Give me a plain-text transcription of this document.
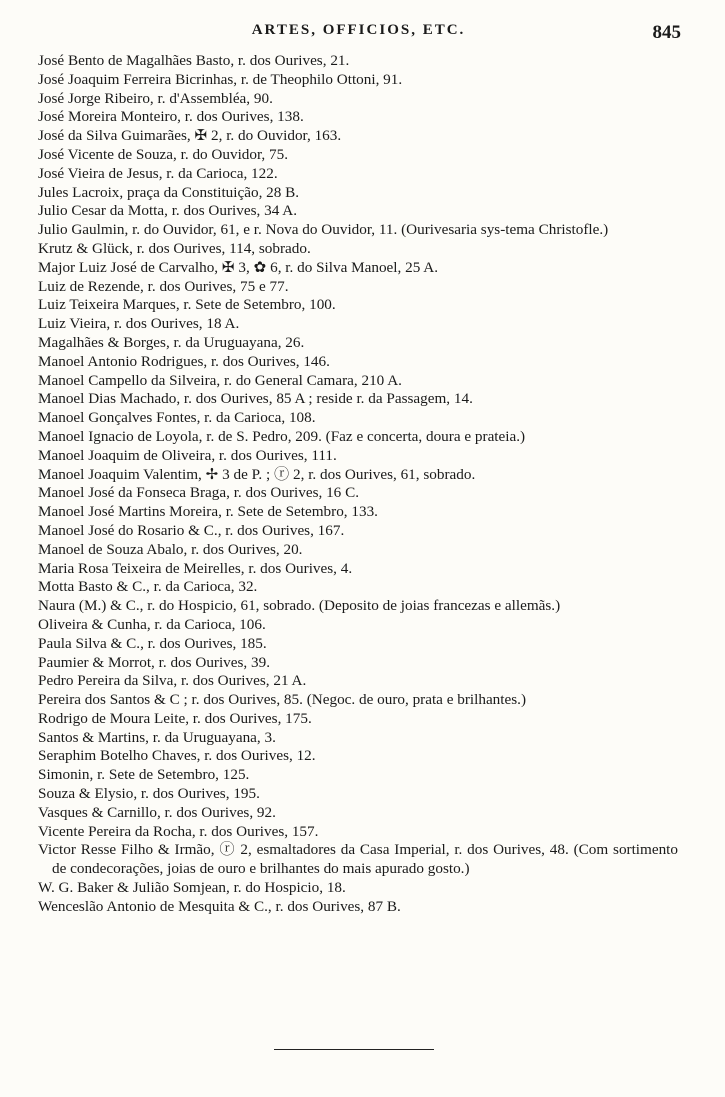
ARTES, OFFICIOS, ETC.	845

José Bento de Magalhães Basto, r. dos Ourives, 21.

José Joaquim Ferreira Bicrinhas, r. de Theophilo Ottoni, 91.

José Jorge Ribeiro, r. d'Assembléa, 90.

José Moreira Monteiro, r. dos Ourives, 138.

José da Silva Guimarães, ✠ 2, r. do Ouvidor, 163.

José Vicente de Souza, r. do Ouvidor, 75.

José Vieira de Jesus, r. da Carioca, 122.

Jules Lacroix, praça da Constituição, 28 B.

Julio Cesar da Motta, r. dos Ourives, 34 A.

Julio Gaulmin, r. do Ouvidor, 61, e r. Nova do Ouvidor, 11. (Ourivesaria sys-tema Christofle.)

Krutz & Glück, r. dos Ourives, 114, sobrado.

Major Luiz José de Carvalho, ✠ 3, ✿ 6, r. do Silva Manoel, 25 A.

Luiz de Rezende, r. dos Ourives, 75 e 77.

Luiz Teixeira Marques, r. Sete de Setembro, 100.

Luiz Vieira, r. dos Ourives, 18 A.

Magalhães & Borges, r. da Uruguayana, 26.

Manoel Antonio Rodrigues, r. dos Ourives, 146.

Manoel Campello da Silveira, r. do General Camara, 210 A.

Manoel Dias Machado, r. dos Ourives, 85 A ; reside r. da Passagem, 14.

Manoel Gonçalves Fontes, r. da Carioca, 108.

Manoel Ignacio de Loyola, r. de S. Pedro, 209. (Faz e concerta, doura e prateia.)

Manoel Joaquim de Oliveira, r. dos Ourives, 111.

Manoel Joaquim Valentim, ✢ 3 de P. ; ⓡ 2, r. dos Ourives, 61, sobrado.

Manoel José da Fonseca Braga, r. dos Ourives, 16 C.

Manoel José Martins Moreira, r. Sete de Setembro, 133.

Manoel José do Rosario & C., r. dos Ourives, 167.

Manoel de Souza Abalo, r. dos Ourives, 20.

Maria Rosa Teixeira de Meirelles, r. dos Ourives, 4.

Motta Basto & C., r. da Carioca, 32.

Naura (M.) & C., r. do Hospicio, 61, sobrado. (Deposito de joias francezas e allemãs.)

Oliveira & Cunha, r. da Carioca, 106.

Paula Silva & C., r. dos Ourives, 185.

Paumier & Morrot, r. dos Ourives, 39.

Pedro Pereira da Silva, r. dos Ourives, 21 A.

Pereira dos Santos & C ; r. dos Ourives, 85. (Negoc. de ouro, prata e brilhantes.)

Rodrigo de Moura Leite, r. dos Ourives, 175.

Santos & Martins, r. da Uruguayana, 3.

Seraphim Botelho Chaves, r. dos Ourives, 12.

Simonin, r. Sete de Setembro, 125.

Souza & Elysio, r. dos Ourives, 195.

Vasques & Carnillo, r. dos Ourives, 92.

Vicente Pereira da Rocha, r. dos Ourives, 157.

Victor Resse Filho & Irmão, ⓡ 2, esmaltadores da Casa Imperial, r. dos Ourives, 48. (Com sortimento de condecorações, joias de ouro e brilhantes do mais apurado gosto.)

W. G. Baker & Julião Somjean, r. do Hospicio, 18.

Wenceslão Antonio de Mesquita & C., r. dos Ourives, 87 B.
